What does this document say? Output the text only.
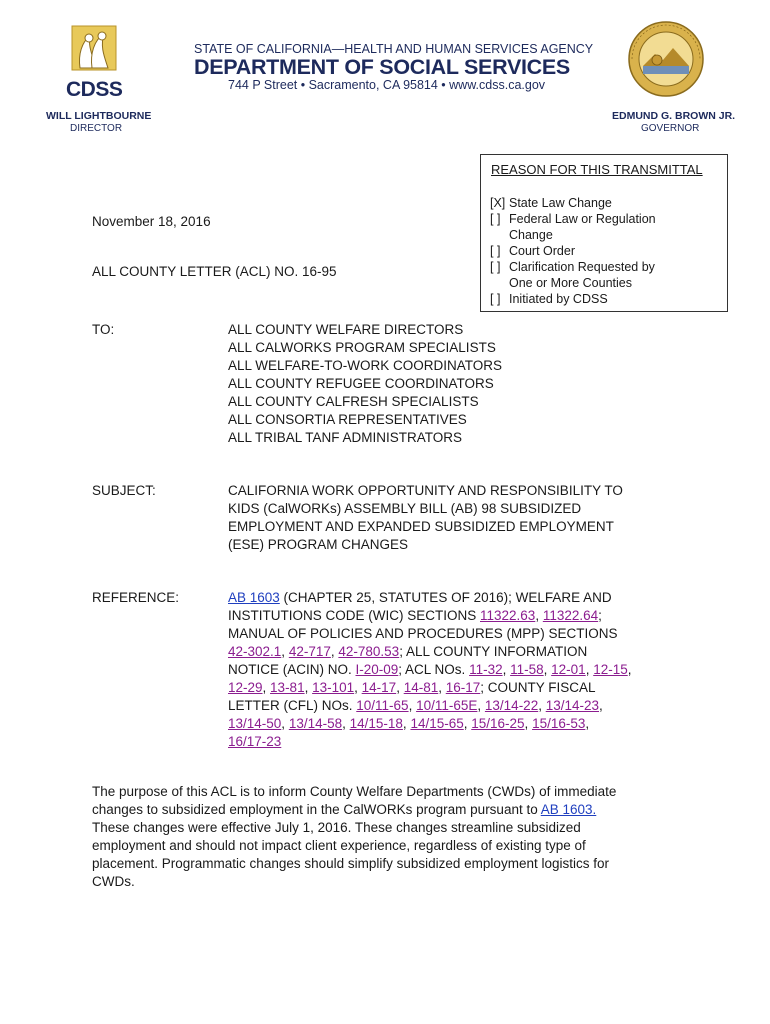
CDSS
STATE OF CALIFORNIA—HEALTH AND HUMAN SERVICES AGENCY
DEPARTMENT OF SOCIAL SERVICES
744 P Street • Sacramento, CA 95814 • www.cdss.ca.gov
WILL LIGHTBOURNE
DIRECTOR
EDMUND G. BROWN JR.
GOVERNOR
REASON FOR THIS TRANSMITTAL
[X] State Law Change
[ ] Federal Law or Regulation
Change
[ ] Court Order
[ ] Clarification Requested by
One or More Counties
[ ] Initiated by CDSS
November 18, 2016
ALL COUNTY LETTER (ACL) NO. 16-95
TO:	ALL COUNTY WELFARE DIRECTORS
ALL CALWORKS PROGRAM SPECIALISTS
ALL WELFARE-TO-WORK COORDINATORS
ALL COUNTY REFUGEE COORDINATORS
ALL COUNTY CALFRESH SPECIALISTS
ALL CONSORTIA REPRESENTATIVES
ALL TRIBAL TANF ADMINISTRATORS
SUBJECT:	CALIFORNIA WORK OPPORTUNITY AND RESPONSIBILITY TO
KIDS (CalWORKs) ASSEMBLY BILL (AB) 98 SUBSIDIZED
EMPLOYMENT AND EXPANDED SUBSIDIZED EMPLOYMENT
(ESE) PROGRAM CHANGES
REFERENCE:	AB 1603 (CHAPTER 25, STATUTES OF 2016); WELFARE AND
INSTITUTIONS CODE (WIC) SECTIONS 11322.63, 11322.64;
MANUAL OF POLICIES AND PROCEDURES (MPP) SECTIONS
42-302.1, 42-717, 42-780.53; ALL COUNTY INFORMATION
NOTICE (ACIN) NO. I-20-09; ACL NOs. 11-32, 11-58, 12-01, 12-15,
12-29, 13-81, 13-101, 14-17, 14-81, 16-17; COUNTY FISCAL
LETTER (CFL) NOs. 10/11-65, 10/11-65E, 13/14-22, 13/14-23,
13/14-50, 13/14-58, 14/15-18, 14/15-65, 15/16-25, 15/16-53,
16/17-23
The purpose of this ACL is to inform County Welfare Departments (CWDs) of immediate
changes to subsidized employment in the CalWORKs program pursuant to AB 1603.
These changes were effective July 1, 2016. These changes streamline subsidized
employment and should not impact client experience, regardless of existing type of
placement. Programmatic changes should simplify subsidized employment logistics for
CWDs.
